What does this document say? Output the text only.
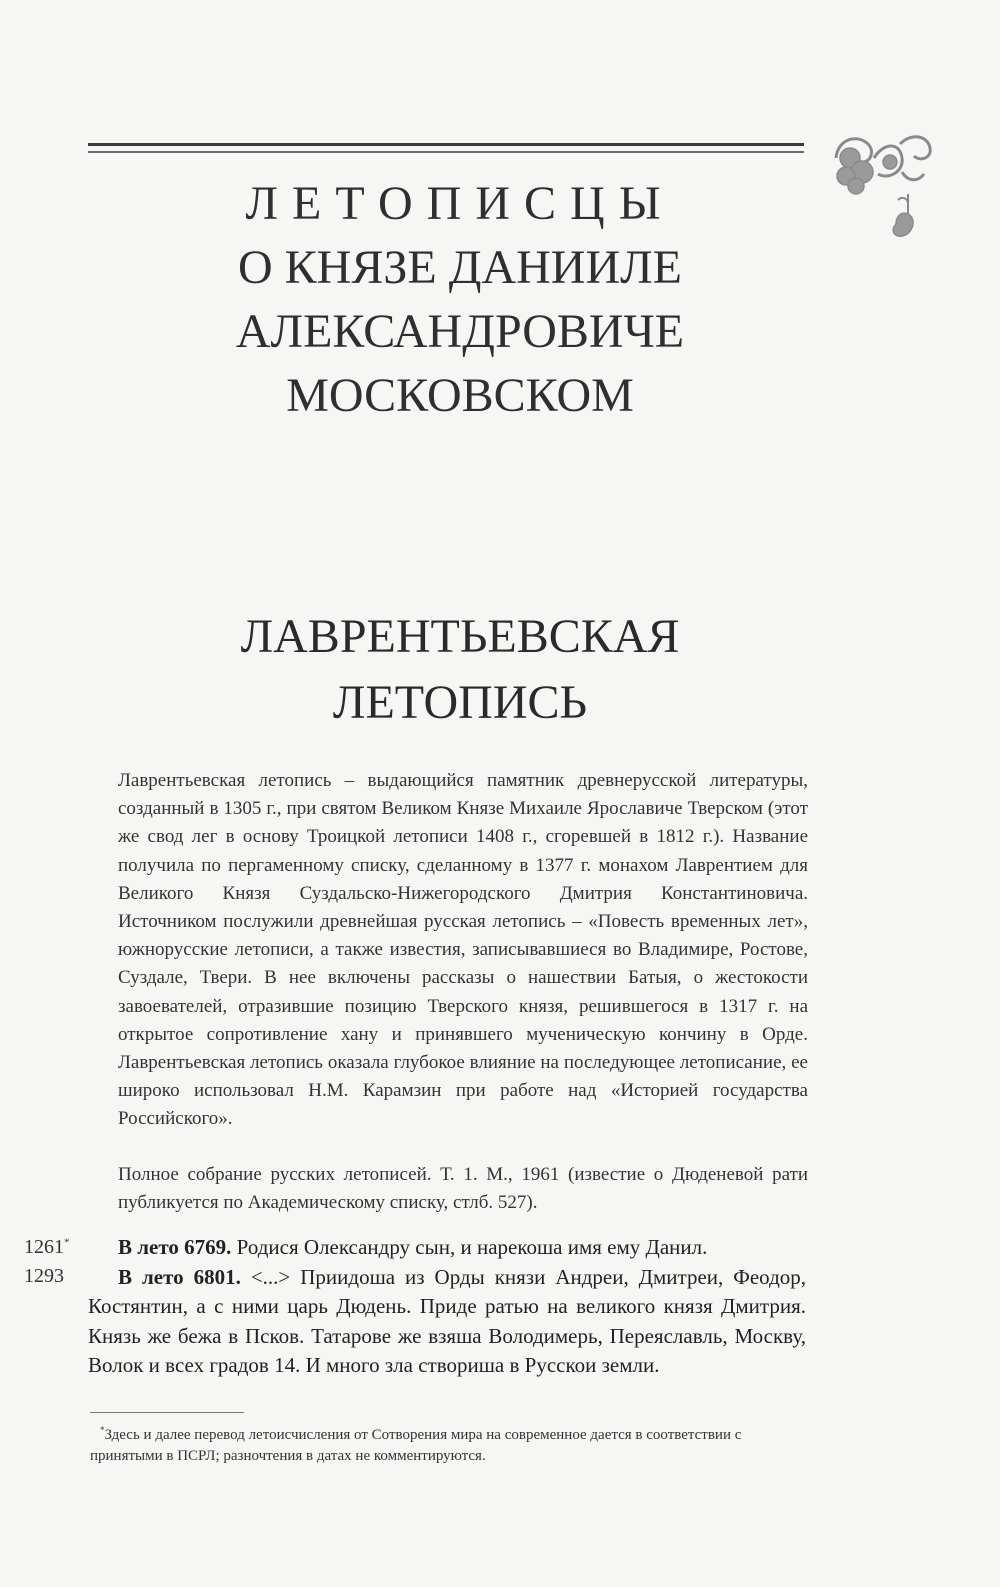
ЛЕТОПИСЦЫ
О КНЯЗЕ ДАНИИЛЕ
АЛЕКСАНДРОВИЧЕ
МОСКОВСКОМ
ЛАВРЕНТЬЕВСКАЯ
ЛЕТОПИСЬ
Лаврентьевская летопись – выдающийся памятник древнерусской литературы, созданный в 1305 г., при святом Великом Князе Михаиле Ярославиче Тверском (этот же свод лег в основу Троицкой летописи 1408 г., сгоревшей в 1812 г.). Название получила по пергаменному списку, сделанному в 1377 г. монахом Лаврентием для Великого Князя Суздальско-Нижегородского Дмитрия Константиновича. Источником послужили древнейшая русская летопись – «Повесть временных лет», южнорусские летописи, а также известия, записывавшиеся во Владимире, Ростове, Суздале, Твери. В нее включены рассказы о нашествии Батыя, о жестокости завоевателей, отразившие позицию Тверского князя, решившегося в 1317 г. на открытое сопротивление хану и принявшего мученическую кончину в Орде. Лаврентьевская летопись оказала глубокое влияние на последующее летописание, ее широко использовал Н.М. Карамзин при работе над «Историей государства Российского».
Полное собрание русских летописей. Т. 1. М., 1961 (известие о Дюденевой рати публикуется по Академическому списку, стлб. 527).
1261*
1293

В лето 6769. Родися Олександру сын, и нарекоша имя ему Данил.

В лето 6801. <...> Приидоша из Орды князи Андреи, Дмитреи, Феодор, Костянтин, а с ними царь Дюдень. Приде ратью на великого князя Дмитрия. Князь же бежа в Псков. Татарове же взяша Володимерь, Переяславль, Москву, Волок и всех градов 14. И много зла створиша в Русскои земли.

*Здесь и далее перевод летоисчисления от Сотворения мира на современное дается в соответствии с принятыми в ПСРЛ; разночтения в датах не комментируются.
